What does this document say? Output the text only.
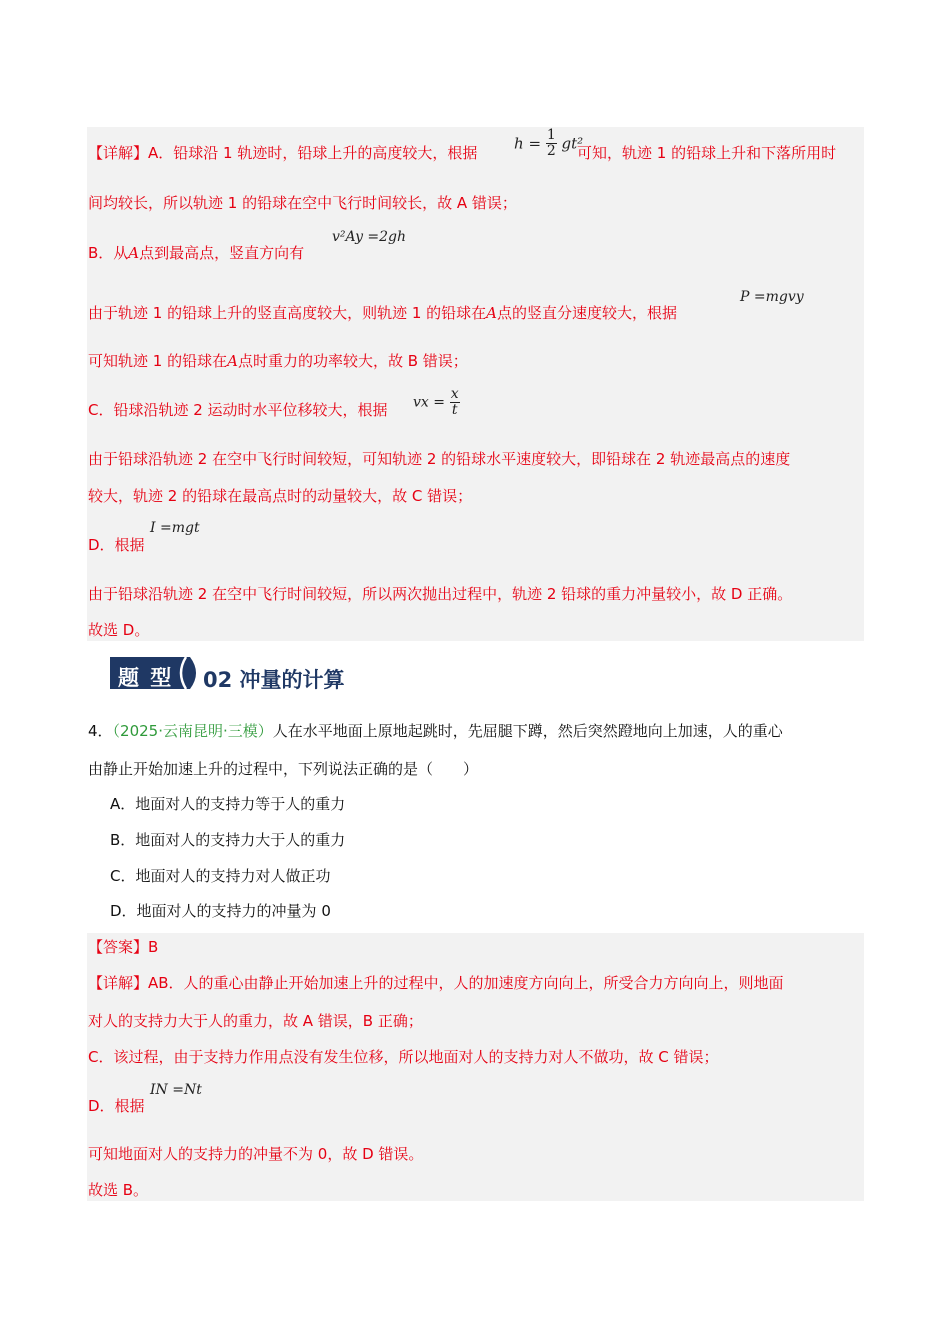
【详解】A．铅球沿 1 轨迹时，铅球上升的高度较大，根据
$h = \frac{1}{2} gt^2$
可知，轨迹 1 的铅球上升和下落所用时
间均较长，所以轨迹 1 的铅球在空中飞行时间较长，故 A 错误；
B．从A点到最高点，竖直方向有
v²Ay =2gh
由于轨迹 1 的铅球上升的竖直高度较大，则轨迹 1 的铅球在A点的竖直分速度较大，根据
P =mgvy
可知轨迹 1 的铅球在A点时重力的功率较大，故 B 错误；
C．铅球沿轨迹 2 运动时水平位移较大，根据 vx = $\frac{x}{t}$
由于铅球沿轨迹 2 在空中飞行时间较短，可知轨迹 2 的铅球水平速度较大，即铅球在 2 轨迹最高点的速度
较大，轨迹 2 的铅球在最高点时的动量较大，故 C 错误；
I =mgt
D．根据
由于铅球沿轨迹 2 在空中飞行时间较短，所以两次抛出过程中，轨迹 2 铅球的重力冲量较小，故 D 正确。
故选 D。
题 型 02 冲量的计算
4．（2025·云南昆明·三模）人在水平地面上原地起跳时，先屈腿下蹲，然后突然蹬地向上加速，人的重心
由静止开始加速上升的过程中，下列说法正确的是（　　）
A．地面对人的支持力等于人的重力
B．地面对人的支持力大于人的重力
C．地面对人的支持力对人做正功
D．地面对人的支持力的冲量为 0
【答案】B
【详解】AB．人的重心由静止开始加速上升的过程中，人的加速度方向向上，所受合力方向向上，则地面
对人的支持力大于人的重力，故 A 错误，B 正确；
C．该过程，由于支持力作用点没有发生位移，所以地面对人的支持力对人不做功，故 C 错误；
IN =Nt
D．根据
可知地面对人的支持力的冲量不为 0，故 D 错误。
故选 B。
